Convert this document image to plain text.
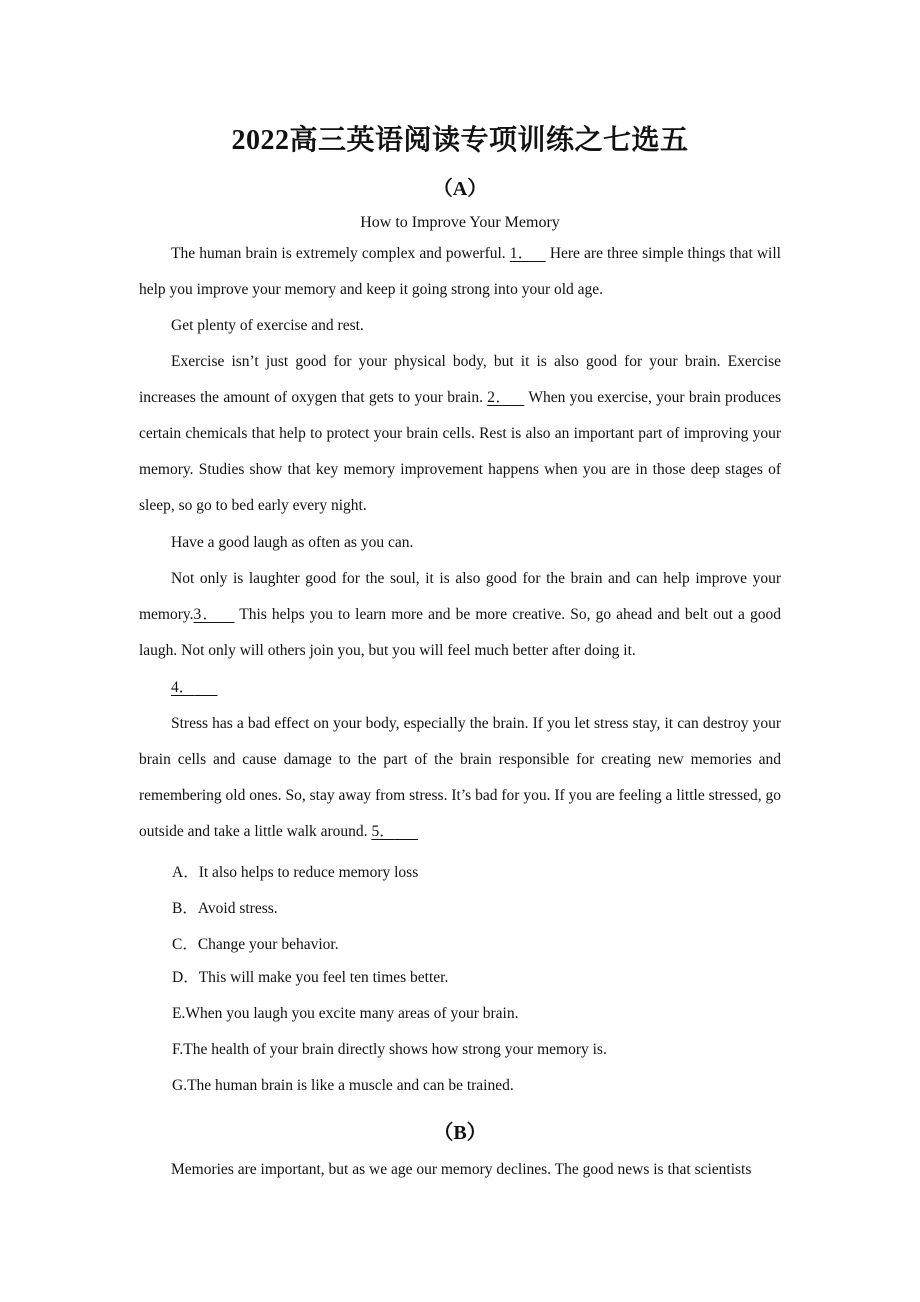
2022高三英语阅读专项训练之七选五
（A）
How to Improve Your Memory
The human brain is extremely complex and powerful. 1．    Here are three simple things that will help you improve your memory and keep it going strong into your old age.
Get plenty of exercise and rest.
Exercise isn’t just good for your physical body, but it is also good for your brain. Exercise increases the amount of oxygen that gets to your brain. 2．    When you exercise, your brain produces certain chemicals that help to protect your brain cells. Rest is also an important part of improving your memory. Studies show that key memory improvement happens when you are in those deep stages of sleep, so go to bed early every night.
Have a good laugh as often as you can.
Not only is laughter good for the soul, it is also good for the brain and can help improve your memory.3．    This helps you to learn more and be more creative. So, go ahead and belt out a good laugh. Not only will others join you, but you will feel much better after doing it.
4．
Stress has a bad effect on your body, especially the brain. If you let stress stay, it can destroy your brain cells and cause damage to the part of the brain responsible for creating new memories and remembering old ones. So, stay away from stress. It’s bad for you. If you are feeling a little stressed, go outside and take a little walk around. 5．
A．It also helps to reduce memory loss
B．Avoid stress.
C．Change your behavior.
D．This will make you feel ten times better.
E.When you laugh you excite many areas of your brain.
F.The health of your brain directly shows how strong your memory is.
G.The human brain is like a muscle and can be trained.
（B）
Memories are important, but as we age our memory declines. The good news is that scientists
